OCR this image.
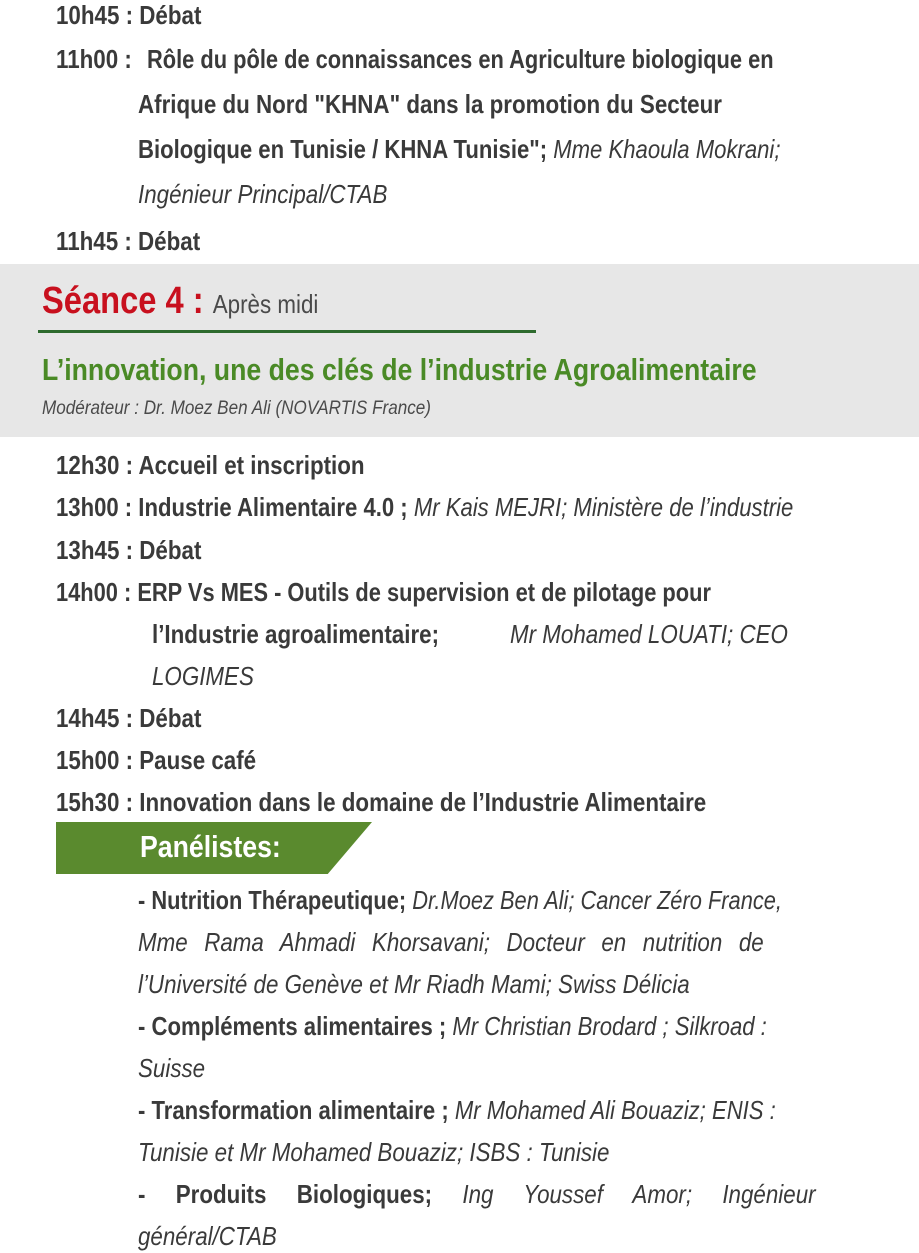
10h45 : Débat
11h00 : Rôle du pôle de connaissances en Agriculture biologique en
Afrique du Nord "KHNA" dans la promotion du Secteur
Biologique en Tunisie / KHNA Tunisie"; Mme Khaoula Mokrani;
Ingénieur Principal/CTAB
11h45 : Débat
Séance 4 : Après midi
L’innovation, une des clés de l’industrie Agroalimentaire
Modérateur : Dr. Moez Ben Ali (NOVARTIS France)
12h30 : Accueil et inscription
13h00 : Industrie Alimentaire 4.0 ; Mr Kais MEJRI; Ministère de l’industrie
13h45 : Débat
14h00 : ERP Vs MES - Outils de supervision et de pilotage pour
l’Industrie agroalimentaire;	Mr Mohamed LOUATI; CEO
LOGIMES
14h45 : Débat
15h00 : Pause café
15h30 : Innovation dans le domaine de l’Industrie Alimentaire
Panélistes:
- Nutrition Thérapeutique; Dr.Moez Ben Ali; Cancer Zéro France,
Mme Rama Ahmadi Khorsavani; Docteur en nutrition de
l’Université de Genève et Mr Riadh Mami; Swiss Délicia
- Compléments alimentaires ; Mr Christian Brodard ; Silkroad :
Suisse
- Transformation alimentaire ; Mr Mohamed Ali Bouaziz; ENIS :
Tunisie et Mr Mohamed Bouaziz; ISBS : Tunisie
- Produits Biologiques; Ing Youssef Amor; Ingénieur
général/CTAB
